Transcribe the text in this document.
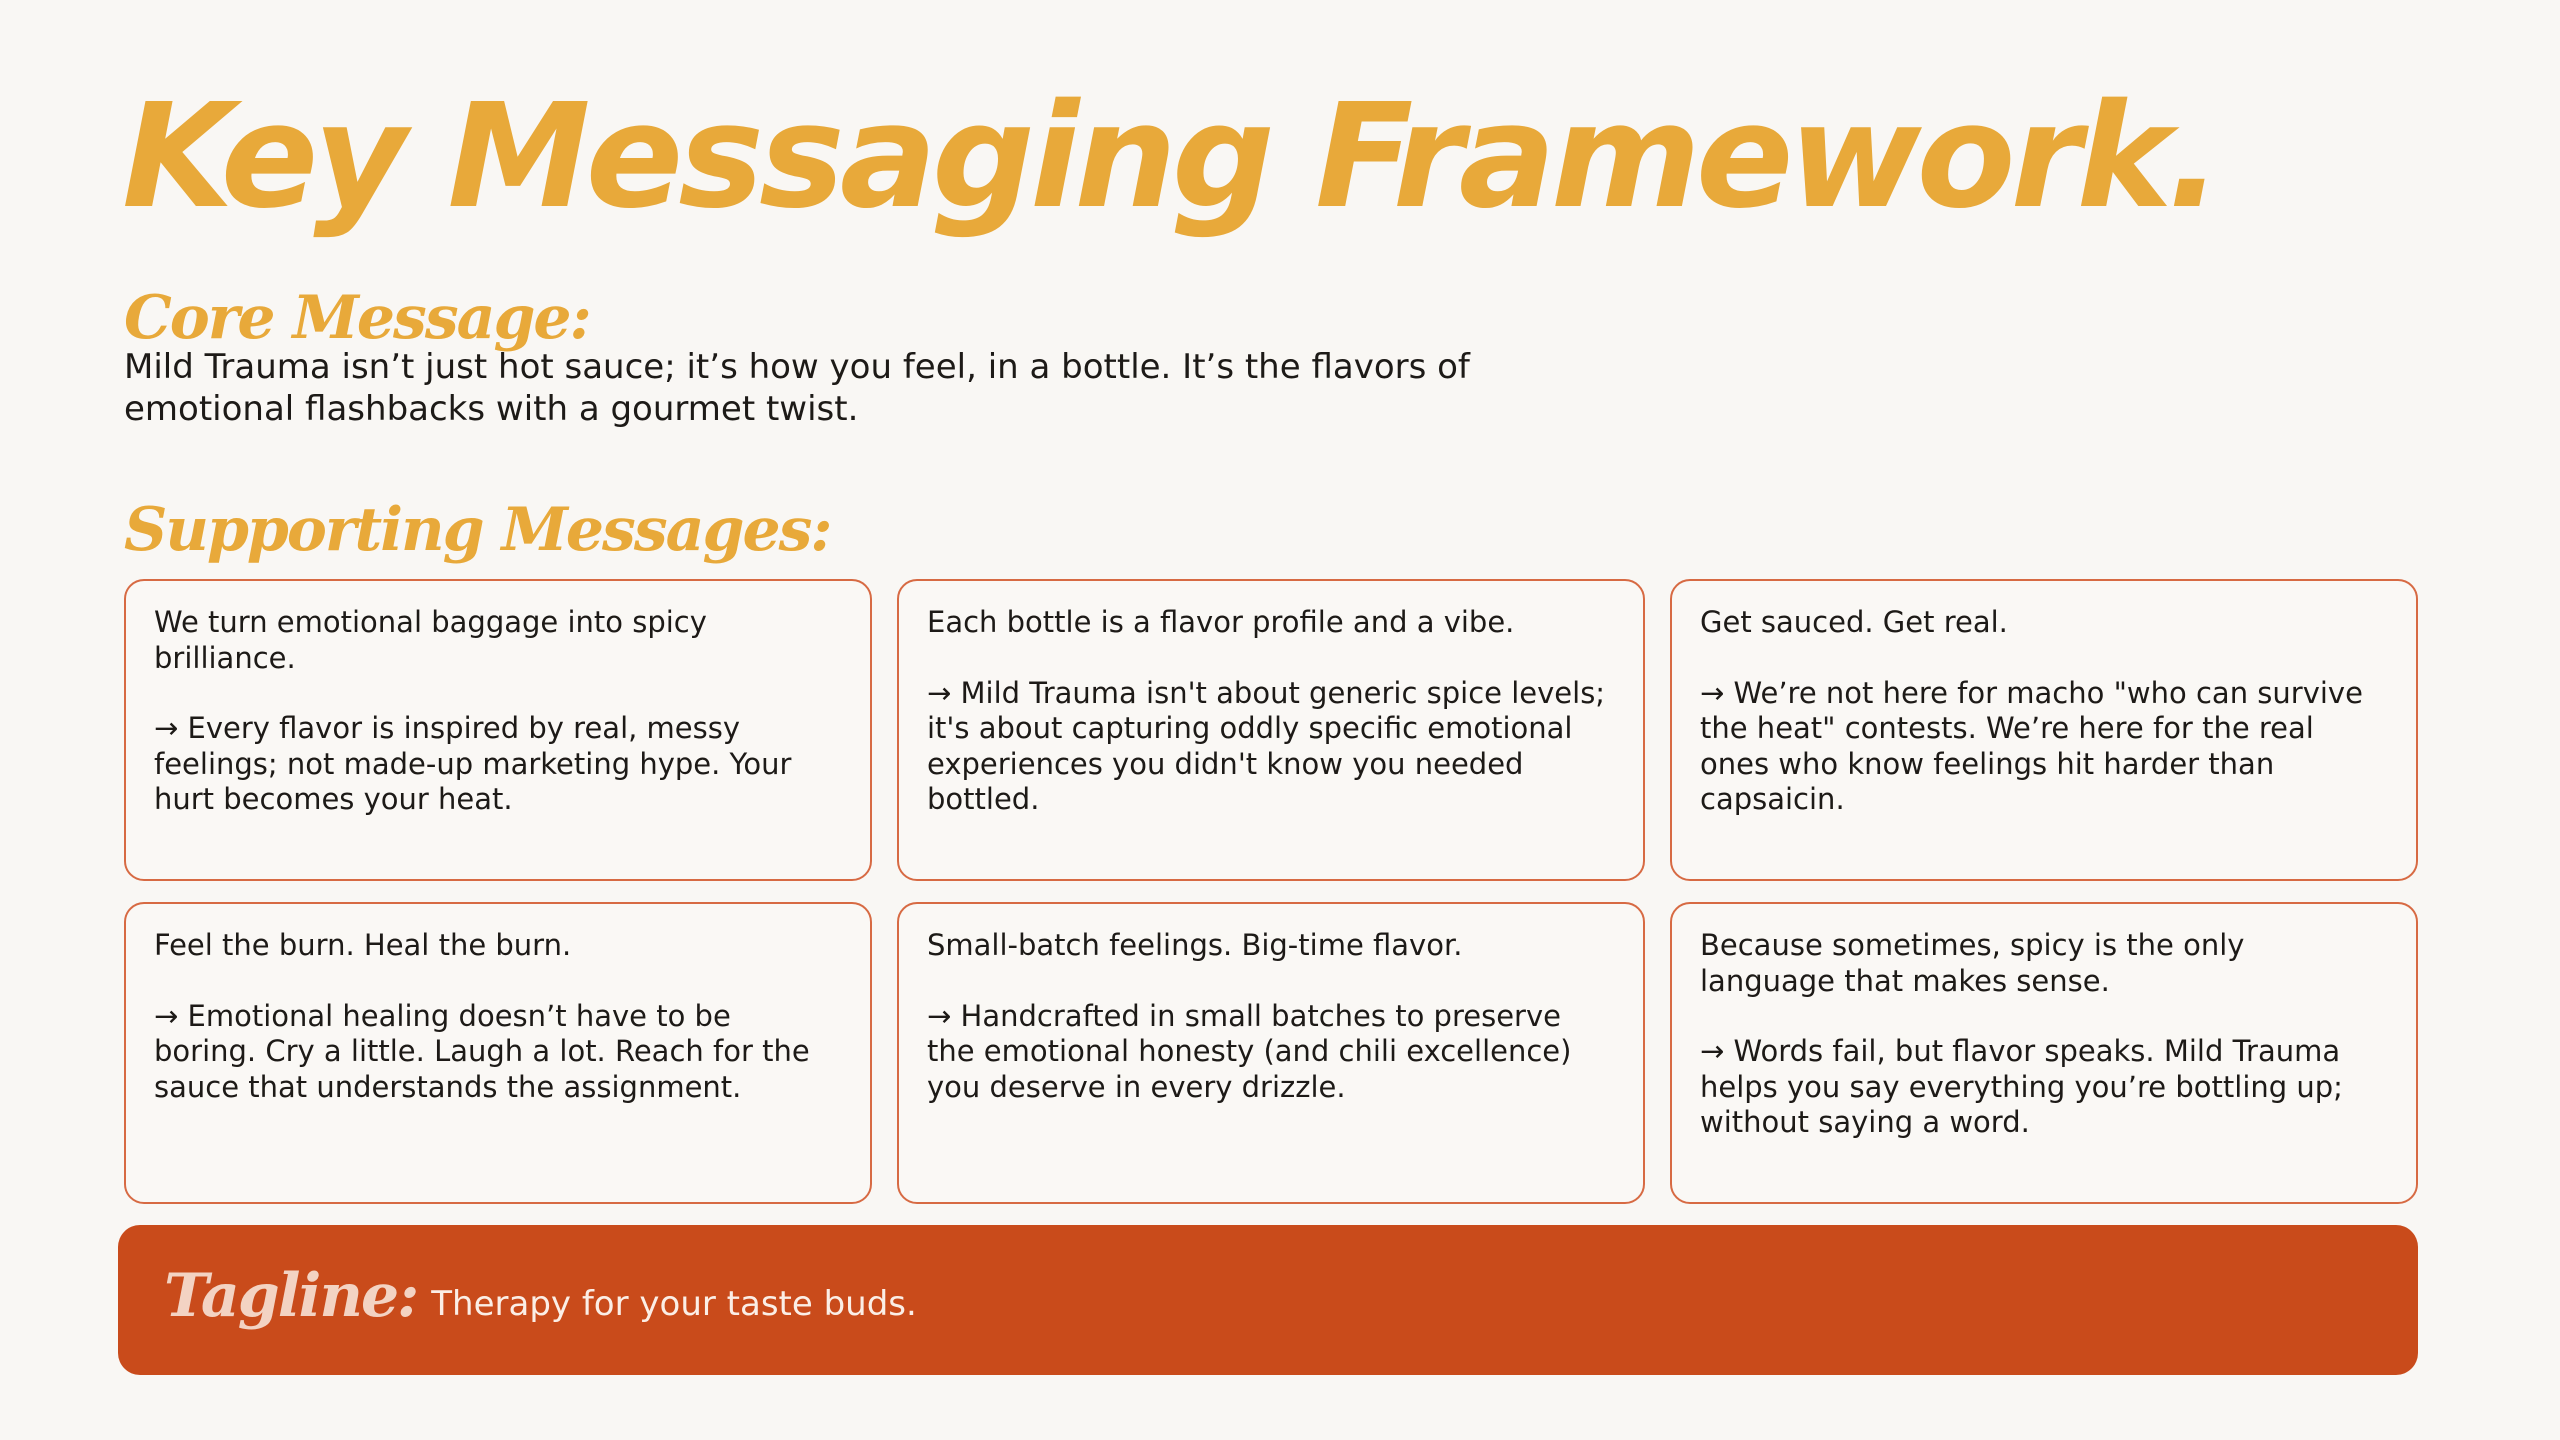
Key Messaging Framework.
Core Message:

Mild Trauma isn’t just hot sauce; it’s how you feel, in a bottle. It’s the flavors of emotional flashbacks with a gourmet twist.

Supporting Messages:

We turn emotional baggage into spicy brilliance.

→ Every flavor is inspired by real, messy feelings; not made-up marketing hype. Your hurt becomes your heat.

Each bottle is a flavor profile and a vibe.

→ Mild Trauma isn't about generic spice levels; it's about capturing oddly specific emotional experiences you didn't know you needed bottled.

Get sauced. Get real.

→ We’re not here for macho "who can survive the heat" contests. We’re here for the real ones who know feelings hit harder than capsaicin.

Feel the burn. Heal the burn.

→ Emotional healing doesn’t have to be boring. Cry a little. Laugh a lot. Reach for the sauce that understands the assignment.

Small-batch feelings. Big-time flavor.

→ Handcrafted in small batches to preserve the emotional honesty (and chili excellence) you deserve in every drizzle.

Because sometimes, spicy is the only language that makes sense.

→ Words fail, but flavor speaks. Mild Trauma helps you say everything you’re bottling up; without saying a word.

Tagline: Therapy for your taste buds.
